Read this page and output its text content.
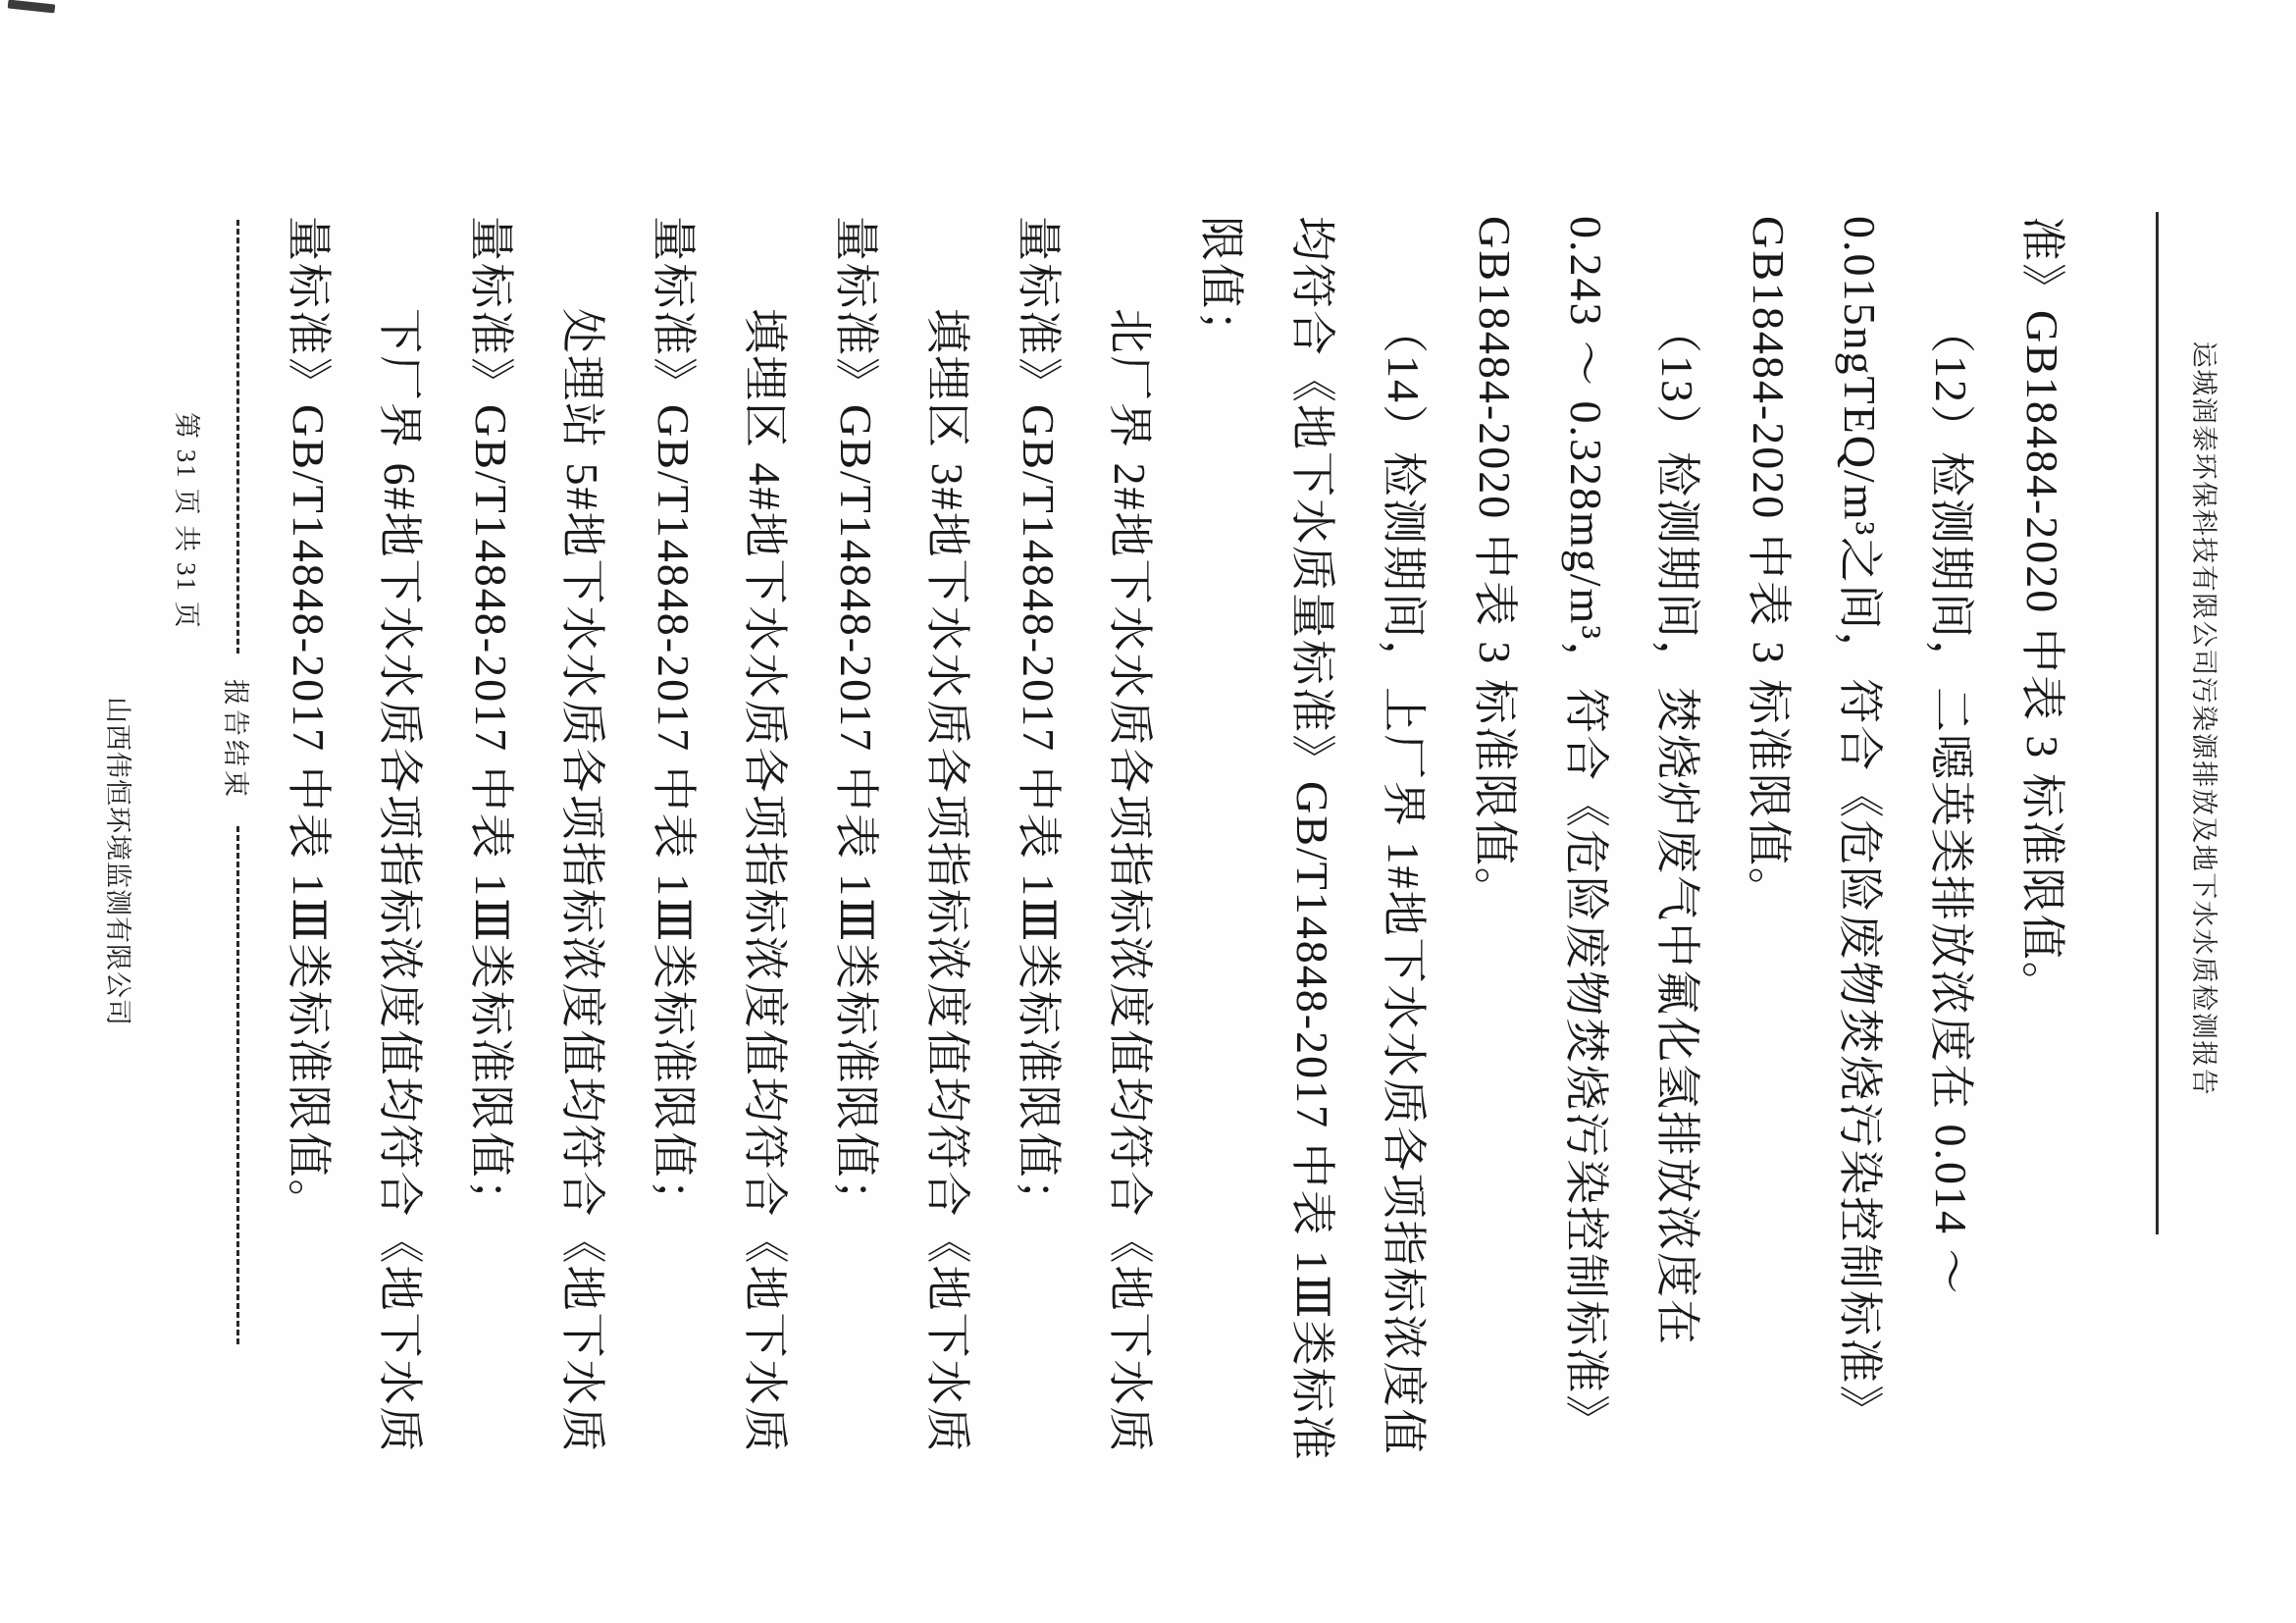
运城润泰环保科技有限公司污染源排放及地下水水质检测报告
准》GB18484-2020 中表 3 标准限值。
（12）检测期间，二噁英类排放浓度在 0.014 ～
0.015ngTEQ/m³之间，符合《危险废物焚烧污染控制标准》
GB18484-2020 中表 3 标准限值。
（13）检测期间，焚烧炉废气中氟化氢排放浓度在
0.243 ～ 0.328mg/m³，符合《危险废物焚烧污染控制标准》
GB18484-2020 中表 3 标准限值。
（14）检测期间，上厂界 1#地下水水质各项指标浓度值
均符合《地下水质量标准》GB/T14848-2017 中表 1Ⅲ类标准
限值；
北厂界 2#地下水水质各项指标浓度值均符合《地下水质
量标准》GB/T14848-2017 中表 1Ⅲ类标准限值；
填埋区 3#地下水水质各项指标浓度值均符合《地下水质
量标准》GB/T14848-2017 中表 1Ⅲ类标准限值；
填埋区 4#地下水水质各项指标浓度值均符合《地下水质
量标准》GB/T14848-2017 中表 1Ⅲ类标准限值；
处理站 5#地下水水质各项指标浓度值均符合《地下水质
量标准》GB/T14848-2017 中表 1Ⅲ类标准限值；
下厂界 6#地下水水质各项指标浓度值均符合《地下水质
量标准》GB/T14848-2017 中表 1Ⅲ类标准限值。
报告结束
第 31 页 共 31 页
山西伟恒环境监测有限公司
